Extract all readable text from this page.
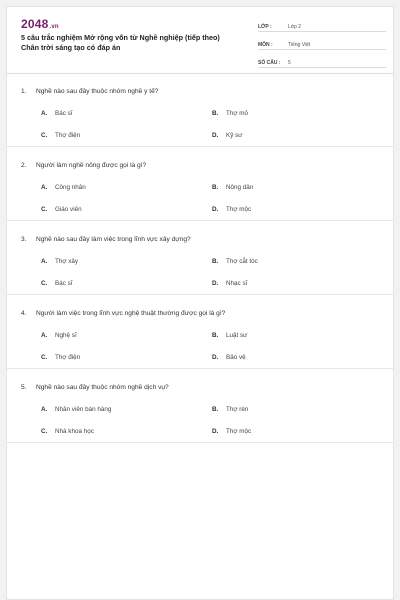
2048.vn
5 câu trắc nghiệm Mở rộng vốn từ Nghề nghiệp (tiếp theo)
Chân trời sáng tạo có đáp án
LỚP :	Lớp 2
MÔN :	Tiếng Việt
SỐ CÂU :	5
1. Nghề nào sau đây thuộc nhóm nghề y tế?
A. Bác sĩ	B. Thợ mỏ
C. Thợ điện	D. Kỹ sư
2. Người làm nghề nông được gọi là gì?
A. Công nhân	B. Nông dân
C. Giáo viên	D. Thợ mộc
3. Nghề nào sau đây làm việc trong lĩnh vực xây dựng?
A. Thợ xây	B. Thợ cắt tóc
C. Bác sĩ	D. Nhạc sĩ
4. Người làm việc trong lĩnh vực nghệ thuật thường được gọi là gì?
A. Nghệ sĩ	B. Luật sư
C. Thợ điện	D. Bảo vệ
5. Nghề nào sau đây thuộc nhóm nghề dịch vụ?
A. Nhân viên bán hàng	B. Thợ rèn
C. Nhà khoa học	D. Thợ mộc
